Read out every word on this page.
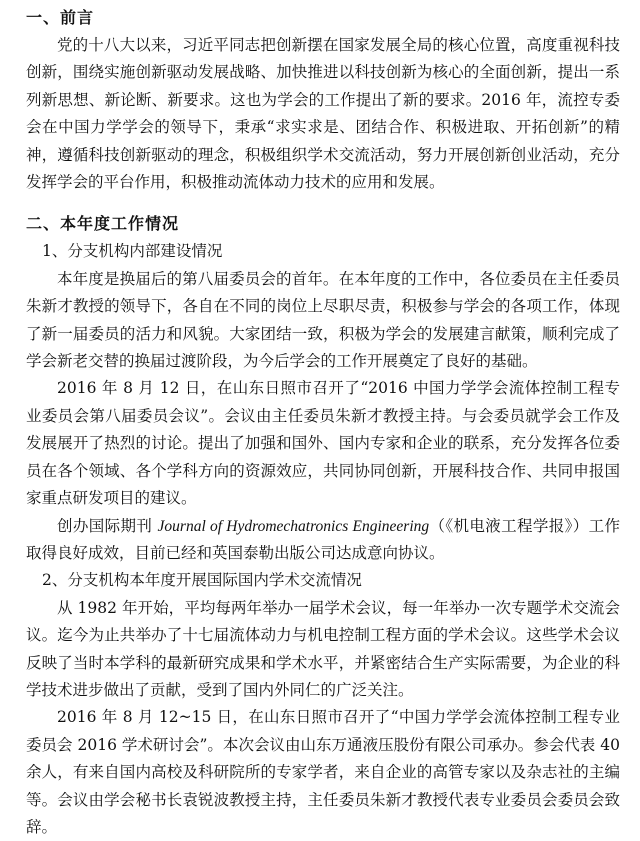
一、前言

党的十八大以来，习近平同志把创新摆在国家发展全局的核心位置，高度重视科技创新，围绕实施创新驱动发展战略、加快推进以科技创新为核心的全面创新，提出一系列新思想、新论断、新要求。这也为学会的工作提出了新的要求。2016 年，流控专委会在中国力学学会的领导下，秉承“求实求是、团结合作、积极进取、开拓创新”的精神，遵循科技创新驱动的理念，积极组织学术交流活动，努力开展创新创业活动，充分发挥学会的平台作用，积极推动流体动力技术的应用和发展。

二、本年度工作情况
1、分支机构内部建设情况

本年度是换届后的第八届委员会的首年。在本年度的工作中，各位委员在主任委员朱新才教授的领导下，各自在不同的岗位上尽职尽责，积极参与学会的各项工作，体现了新一届委员的活力和风貌。大家团结一致，积极为学会的发展建言献策，顺利完成了学会新老交替的换届过渡阶段，为今后学会的工作开展奠定了良好的基础。

2016 年 8 月 12 日，在山东日照市召开了“2016 中国力学学会流体控制工程专业委员会第八届委员会议”。会议由主任委员朱新才教授主持。与会委员就学会工作及发展展开了热烈的讨论。提出了加强和国外、国内专家和企业的联系，充分发挥各位委员在各个领域、各个学科方向的资源效应，共同协同创新，开展科技合作、共同申报国家重点研发项目的建议。

创办国际期刊 Journal of Hydromechatronics Engineering（《机电液工程学报》）工作取得良好成效，目前已经和英国泰勒出版公司达成意向协议。

2、分支机构本年度开展国际国内学术交流情况

从 1982 年开始，平均每两年举办一届学术会议，每一年举办一次专题学术交流会议。迄今为止共举办了十七届流体动力与机电控制工程方面的学术会议。这些学术会议反映了当时本学科的最新研究成果和学术水平，并紧密结合生产实际需要，为企业的科学技术进步做出了贡献，受到了国内外同仁的广泛关注。

2016 年 8 月 12~15 日，在山东日照市召开了“中国力学学会流体控制工程专业委员会 2016 学术研讨会”。本次会议由山东万通液压股份有限公司承办。参会代表 40 余人，有来自国内高校及科研院所的专家学者，来自企业的高管专家以及杂志社的主编等。会议由学会秘书长袁锐波教授主持，主任委员朱新才教授代表专业委员会委员会致辞。
